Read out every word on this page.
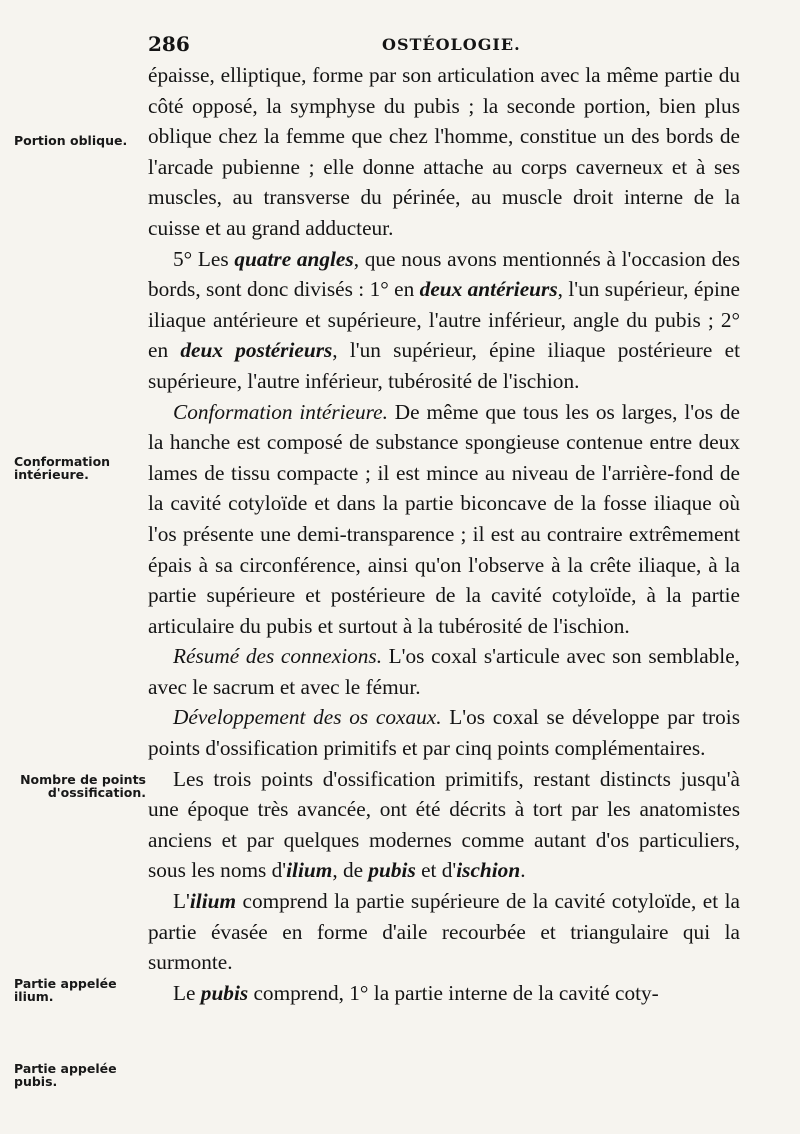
286	OSTÉOLOGIE.
Portion oblique.
Conformation intérieure.
Nombre de points d'ossification.
Partie appelée ilium.
Partie appelée pubis.

épaisse, elliptique, forme par son articulation avec la même partie du côté opposé, la symphyse du pubis ; la seconde portion, bien plus oblique chez la femme que chez l'homme, constitue un des bords de l'arcade pubienne ; elle donne attache au corps caverneux et à ses muscles, au transverse du périnée, au muscle droit interne de la cuisse et au grand adducteur.

5° Les quatre angles, que nous avons mentionnés à l'occasion des bords, sont donc divisés : 1° en deux antérieurs, l'un supérieur, épine iliaque antérieure et supérieure, l'autre inférieur, angle du pubis ; 2° en deux postérieurs, l'un supérieur, épine iliaque postérieure et supérieure, l'autre inférieur, tubérosité de l'ischion.

Conformation intérieure. De même que tous les os larges, l'os de la hanche est composé de substance spongieuse contenue entre deux lames de tissu compacte ; il est mince au niveau de l'arrière-fond de la cavité cotyloïde et dans la partie biconcave de la fosse iliaque où l'os présente une demi-transparence ; il est au contraire extrêmement épais à sa circonférence, ainsi qu'on l'observe à la crête iliaque, à la partie supérieure et postérieure de la cavité cotyloïde, à la partie articulaire du pubis et surtout à la tubérosité de l'ischion.

Résumé des connexions. L'os coxal s'articule avec son semblable, avec le sacrum et avec le fémur.

Développement des os coxaux. L'os coxal se développe par trois points d'ossification primitifs et par cinq points complémentaires.

Les trois points d'ossification primitifs, restant distincts jusqu'à une époque très avancée, ont été décrits à tort par les anatomistes anciens et par quelques modernes comme autant d'os particuliers, sous les noms d'ilium, de pubis et d'ischion.

L'ilium comprend la partie supérieure de la cavité cotyloïde, et la partie évasée en forme d'aile recourbée et triangulaire qui la surmonte.

Le pubis comprend, 1° la partie interne de la cavité coty-
